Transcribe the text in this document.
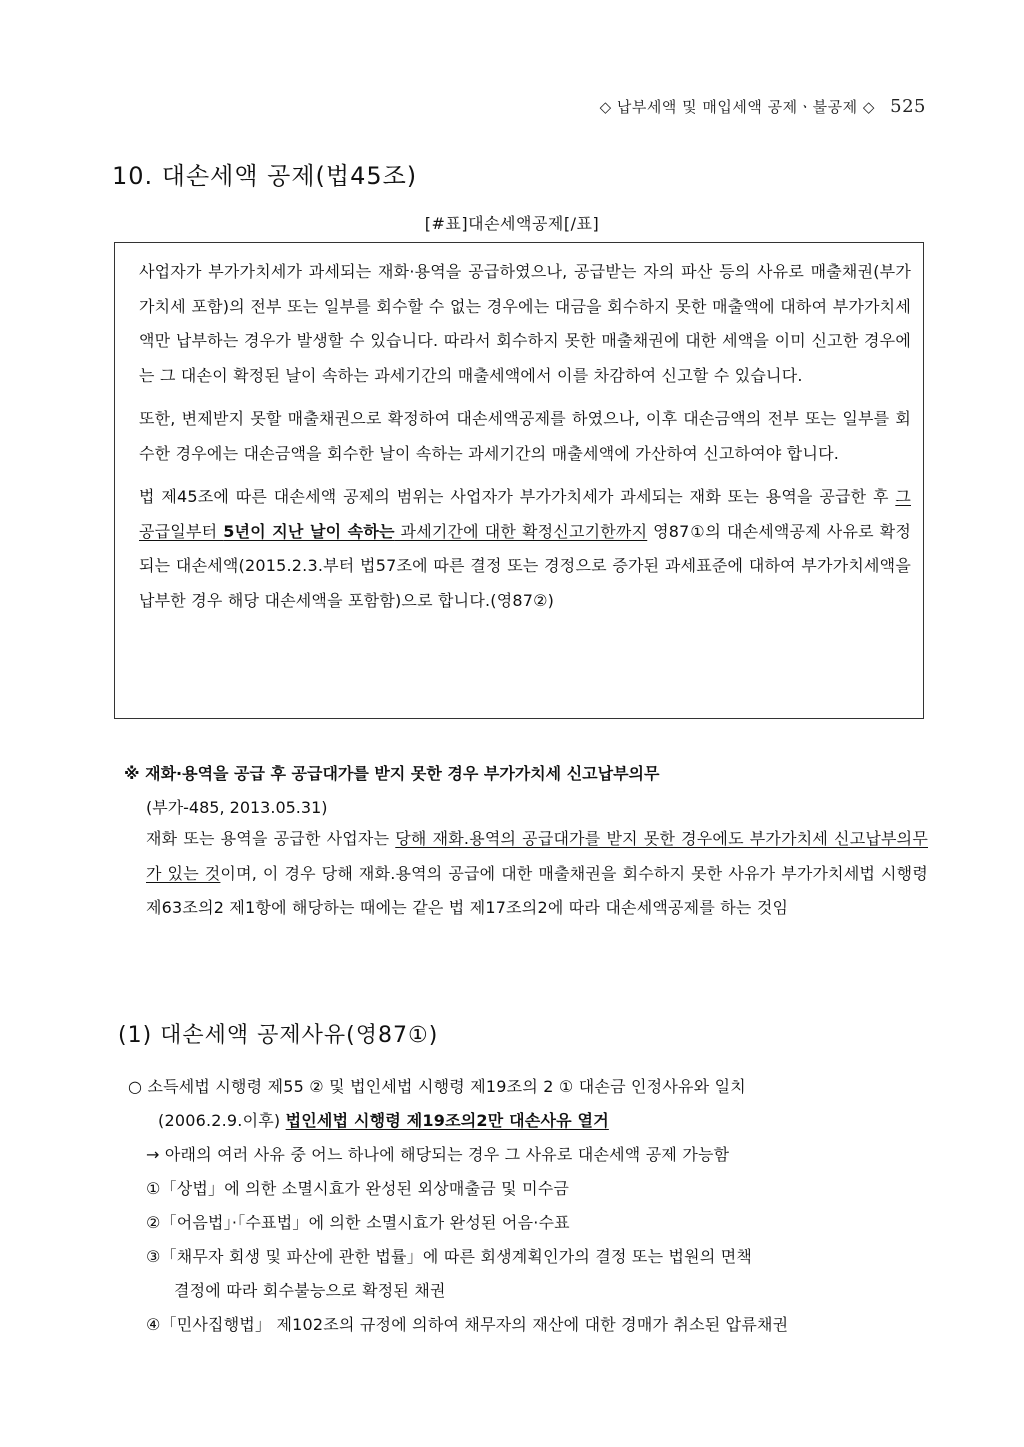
◇ 납부세액 및 매입세액 공제ㆍ불공제 ◇ 525
10. 대손세액 공제(법45조)
[#표]대손세액공제[/표]

사업자가 부가가치세가 과세되는 재화·용역을 공급하였으나, 공급받는 자의 파산 등의 사유로 매출채권(부가가치세 포함)의 전부 또는 일부를 회수할 수 없는 경우에는 대금을 회수하지 못한 매출액에 대하여 부가가치세액만 납부하는 경우가 발생할 수 있습니다. 따라서 회수하지 못한 매출채권에 대한 세액을 이미 신고한 경우에는 그 대손이 확정된 날이 속하는 과세기간의 매출세액에서 이를 차감하여 신고할 수 있습니다.

또한, 변제받지 못할 매출채권으로 확정하여 대손세액공제를 하였으나, 이후 대손금액의 전부 또는 일부를 회수한 경우에는 대손금액을 회수한 날이 속하는 과세기간의 매출세액에 가산하여 신고하여야 합니다.

법 제45조에 따른 대손세액 공제의 범위는 사업자가 부가가치세가 과세되는 재화 또는 용역을 공급한 후 그 공급일부터 5년이 지난 날이 속하는 과세기간에 대한 확정신고기한까지 영87①의 대손세액공제 사유로 확정되는 대손세액(2015.2.3.부터 법57조에 따른 결정 또는 경정으로 증가된 과세표준에 대하여 부가가치세액을 납부한 경우 해당 대손세액을 포함함)으로 합니다.(영87②)

※ 재화·용역을 공급 후 공급대가를 받지 못한 경우 부가가치세 신고납부의무

(부가-485, 2013.05.31)

재화 또는 용역을 공급한 사업자는 당해 재화.용역의 공급대가를 받지 못한 경우에도 부가가치세 신고납부의무가 있는 것이며, 이 경우 당해 재화.용역의 공급에 대한 매출채권을 회수하지 못한 사유가 부가가치세법 시행령 제63조의2 제1항에 해당하는 때에는 같은 법 제17조의2에 따라 대손세액공제를 하는 것임

(1) 대손세액 공제사유(영87①)

○ 소득세법 시행령 제55 ② 및 법인세법 시행령 제19조의 2 ① 대손금 인정사유와 일치

(2006.2.9.이후) 법인세법 시행령 제19조의2만 대손사유 열거

→ 아래의 여러 사유 중 어느 하나에 해당되는 경우 그 사유로 대손세액 공제 가능함

①「상법」에 의한 소멸시효가 완성된 외상매출금 및 미수금

②「어음법」·「수표법」에 의한 소멸시효가 완성된 어음·수표

③「채무자 회생 및 파산에 관한 법률」에 따른 회생계획인가의 결정 또는 법원의 면책

결정에 따라 회수불능으로 확정된 채권

④「민사집행법」 제102조의 규정에 의하여 채무자의 재산에 대한 경매가 취소된 압류채권
